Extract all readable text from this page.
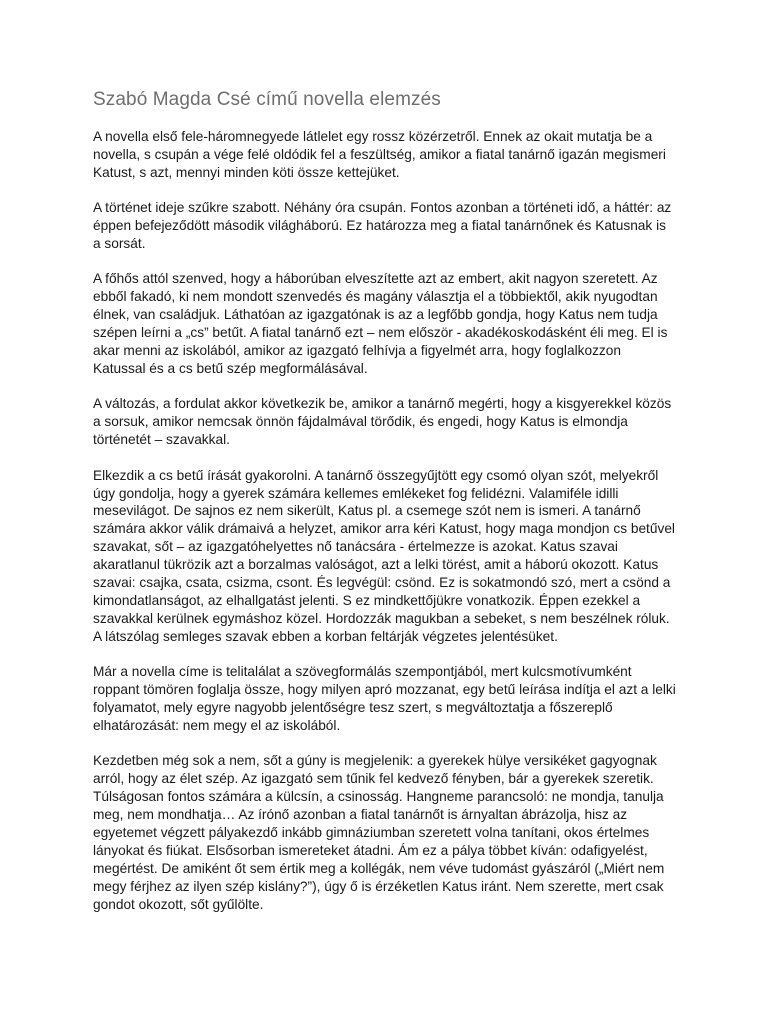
Szabó Magda Csé című novella elemzés

A novella első fele-háromnegyede látlelet egy rossz közérzetről. Ennek az okait mutatja be a novella, s csupán a vége felé oldódik fel a feszültség, amikor a fiatal tanárnő igazán megismeri Katust, s azt, mennyi minden köti össze kettejüket.

A történet ideje szűkre szabott. Néhány óra csupán. Fontos azonban a történeti idő, a háttér: az éppen befejeződött második világháború. Ez határozza meg a fiatal tanárnőnek és Katusnak is a sorsát.

A főhős attól szenved, hogy a háborúban elveszítette azt az embert, akit nagyon szeretett. Az ebből fakadó, ki nem mondott szenvedés és magány választja el a többiektől, akik nyugodtan élnek, van családjuk. Láthatóan az igazgatónak is az a legfőbb gondja, hogy Katus nem tudja szépen leírni a „cs” betűt. A fiatal tanárnő ezt – nem először - akadékoskodásként éli meg. El is akar menni az iskolából, amikor az igazgató felhívja a figyelmét arra, hogy foglalkozzon Katussal és a cs betű szép megformálásával.

A változás, a fordulat akkor következik be, amikor a tanárnő megérti, hogy a kisgyerekkel közös a sorsuk, amikor nemcsak önnön fájdalmával törődik, és engedi, hogy Katus is elmondja történetét – szavakkal.

Elkezdik a cs betű írását gyakorolni. A tanárnő összegyűjtött egy csomó olyan szót, melyekről úgy gondolja, hogy a gyerek számára kellemes emlékeket fog felidézni. Valamiféle idilli mesevilágot. De sajnos ez nem sikerült, Katus pl. a csemege szót nem is ismeri. A tanárnő számára akkor válik drámaivá a helyzet, amikor arra kéri Katust, hogy maga mondjon cs betűvel szavakat, sőt – az igazgatóhelyettes nő tanácsára - értelmezze is azokat. Katus szavai akaratlanul tükrözik azt a borzalmas valóságot, azt a lelki törést, amit a háború okozott. Katus szavai: csajka, csata, csizma, csont. És legvégül: csönd. Ez is sokatmondó szó, mert a csönd a kimondatlanságot, az elhallgatást jelenti. S ez mindkettőjükre vonatkozik. Éppen ezekkel a szavakkal kerülnek egymáshoz közel. Hordozzák magukban a sebeket, s nem beszélnek róluk. A látszólag semleges szavak ebben a korban feltárják végzetes jelentésüket.

Már a novella címe is telitalálat a szövegformálás szempontjából, mert kulcsmotívumként roppant tömören foglalja össze, hogy milyen apró mozzanat, egy betű leírása indítja el azt a lelki folyamatot, mely egyre nagyobb jelentőségre tesz szert, s megváltoztatja a főszereplő elhatározását: nem megy el az iskolából.

Kezdetben még sok a nem, sőt a gúny is megjelenik: a gyerekek hülye versikéket gagyognak arról, hogy az élet szép. Az igazgató sem tűnik fel kedvező fényben, bár a gyerekek szeretik. Túlságosan fontos számára a külcsín, a csinosság. Hangneme parancsoló: ne mondja, tanulja meg, nem mondhatja… Az írónő azonban a fiatal tanárnőt is árnyaltan ábrázolja, hisz az egyetemet végzett pályakezdő inkább gimnáziumban szeretett volna tanítani, okos értelmes lányokat és fiúkat. Elsősorban ismereteket átadni. Ám ez a pálya többet kíván: odafigyelést, megértést. De amiként őt sem értik meg a kollégák, nem véve tudomást gyászáról („Miért nem megy férjhez az ilyen szép kislány?”), úgy ő is érzéketlen Katus iránt. Nem szerette, mert csak gondot okozott, sőt gyűlölte.
